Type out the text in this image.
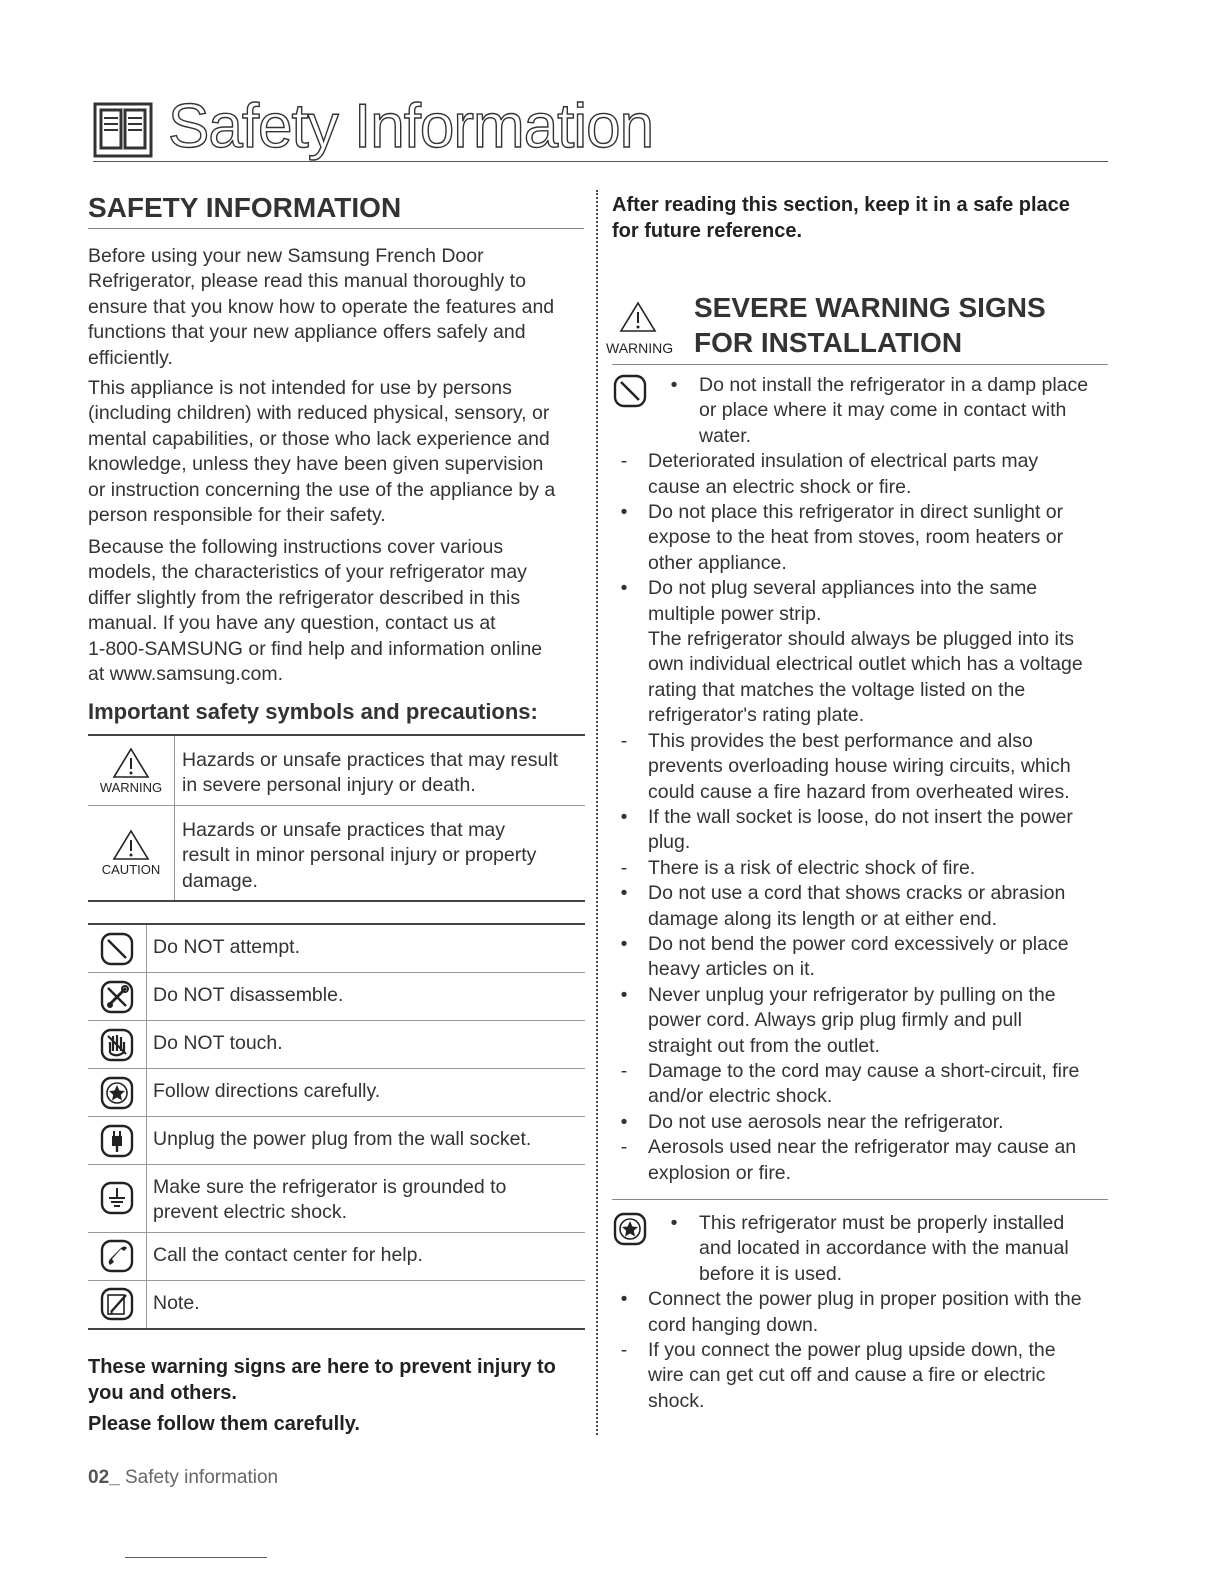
Safety Information
SAFETY INFORMATION
Before using your new Samsung French Door
Refrigerator, please read this manual thoroughly to
ensure that you know how to operate the features and
functions that your new appliance offers safely and
efficiently.
This appliance is not intended for use by persons
(including children) with reduced physical, sensory, or
mental capabilities, or those who lack experience and
knowledge, unless they have been given supervision
or instruction concerning the use of the appliance by a
person responsible for their safety.
Because the following instructions cover various
models, the characteristics of your refrigerator may
differ slightly from the refrigerator described in this
manual. If you have any question, contact us at
1-800-SAMSUNG or find help and information online
at www.samsung.com.
Important safety symbols and precautions:
WARNING
Hazards or unsafe practices that may result
in severe personal injury or death.
CAUTION
Hazards or unsafe practices that may
result in minor personal injury or property
damage.
Do NOT attempt.
Do NOT disassemble.
Do NOT touch.
Follow directions carefully.
Unplug the power plug from the wall socket.
Make sure the refrigerator is grounded to
prevent electric shock.
Call the contact center for help.
Note.
These warning signs are here to prevent injury to
you and others.
Please follow them carefully.
02_ Safety information
After reading this section, keep it in a safe place
for future reference.
WARNING
SEVERE WARNING SIGNS
FOR INSTALLATION
•	Do not install the refrigerator in a damp place
or place where it may come in contact with
water.
-	Deteriorated insulation of electrical parts may
cause an electric shock or fire.
•	Do not place this refrigerator in direct sunlight or
expose to the heat from stoves, room heaters or
other appliance.
•	Do not plug several appliances into the same
multiple power strip.
The refrigerator should always be plugged into its
own individual electrical outlet which has a voltage
rating that matches the voltage listed on the
refrigerator's rating plate.
-	This provides the best performance and also
prevents overloading house wiring circuits, which
could cause a fire hazard from overheated wires.
•	If the wall socket is loose, do not insert the power
plug.
-	There is a risk of electric shock of fire.
•	Do not use a cord that shows cracks or abrasion
damage along its length or at either end.
•	Do not bend the power cord excessively or place
heavy articles on it.
•	Never unplug your refrigerator by pulling on the
power cord. Always grip plug firmly and pull
straight out from the outlet.
-	Damage to the cord may cause a short-circuit, fire
and/or electric shock.
•	Do not use aerosols near the refrigerator.
-	Aerosols used near the refrigerator may cause an
explosion or fire.
•	This refrigerator must be properly installed
and located in accordance with the manual
before it is used.
•	Connect the power plug in proper position with the
cord hanging down.
-	If you connect the power plug upside down, the
wire can get cut off and cause a fire or electric
shock.
